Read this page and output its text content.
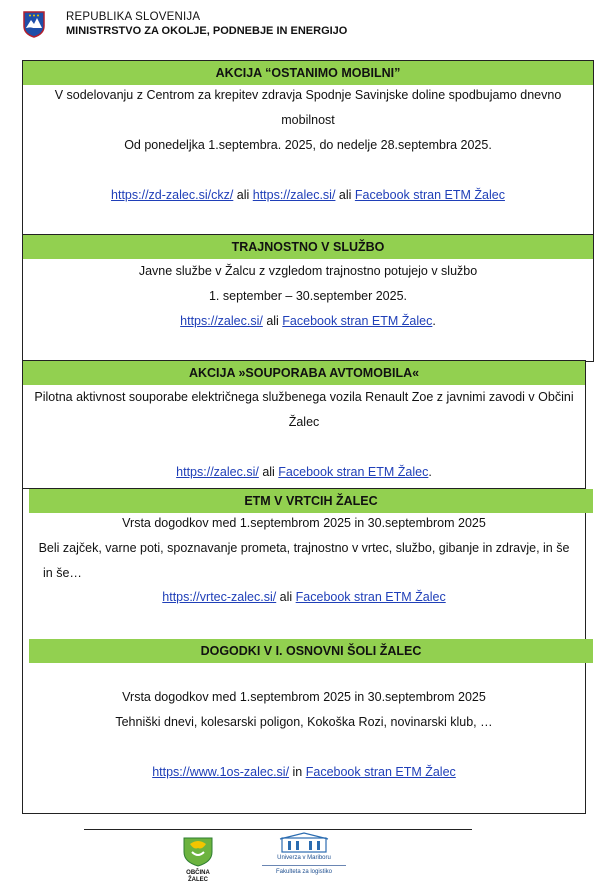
REPUBLIKA SLOVENIJA
MINISTRSTVO ZA OKOLJE, PODNEBJE IN ENERGIJO
AKCIJA “OSTANIMO MOBILNI”
V sodelovanju z Centrom za krepitev zdravja Spodnje Savinjske doline spodbujamo dnevno
mobilnost
Od ponedeljka 1.septembra. 2025, do nedelje 28.septembra 2025.
https://zd-zalec.si/ckz/ ali https://zalec.si/ ali Facebook stran ETM Žalec
TRAJNOSTNO V SLUŽBO
Javne službe v Žalcu z vzgledom trajnostno potujejo v službo
1. september – 30.september 2025.
https://zalec.si/ ali Facebook stran ETM Žalec.
AKCIJA »SOUPORABA AVTOMOBILA«
Pilotna aktivnost souporabe električnega službenega vozila Renault Zoe z javnimi zavodi v Občini
Žalec
https://zalec.si/ ali Facebook stran ETM Žalec.
ETM V VRTCIH ŽALEC
Vrsta dogodkov med 1.septembrom 2025 in 30.septembrom 2025
Beli zajček, varne poti, spoznavanje prometa, trajnostno v vrtec, službo, gibanje in zdravje, in še
in še…
https://vrtec-zalec.si/ ali Facebook stran ETM Žalec
DOGODKI V I. OSNOVNI ŠOLI ŽALEC
Vrsta dogodkov med 1.septembrom 2025 in 30.septembrom 2025
Tehniški dnevi, kolesarski poligon, Kokoška Rozi, novinarski klub, …
https://www.1os-zalec.si/ in Facebook stran ETM Žalec
OBČINA
ŽALEC
Univerza v Mariboru
Fakulteta za logistiko
